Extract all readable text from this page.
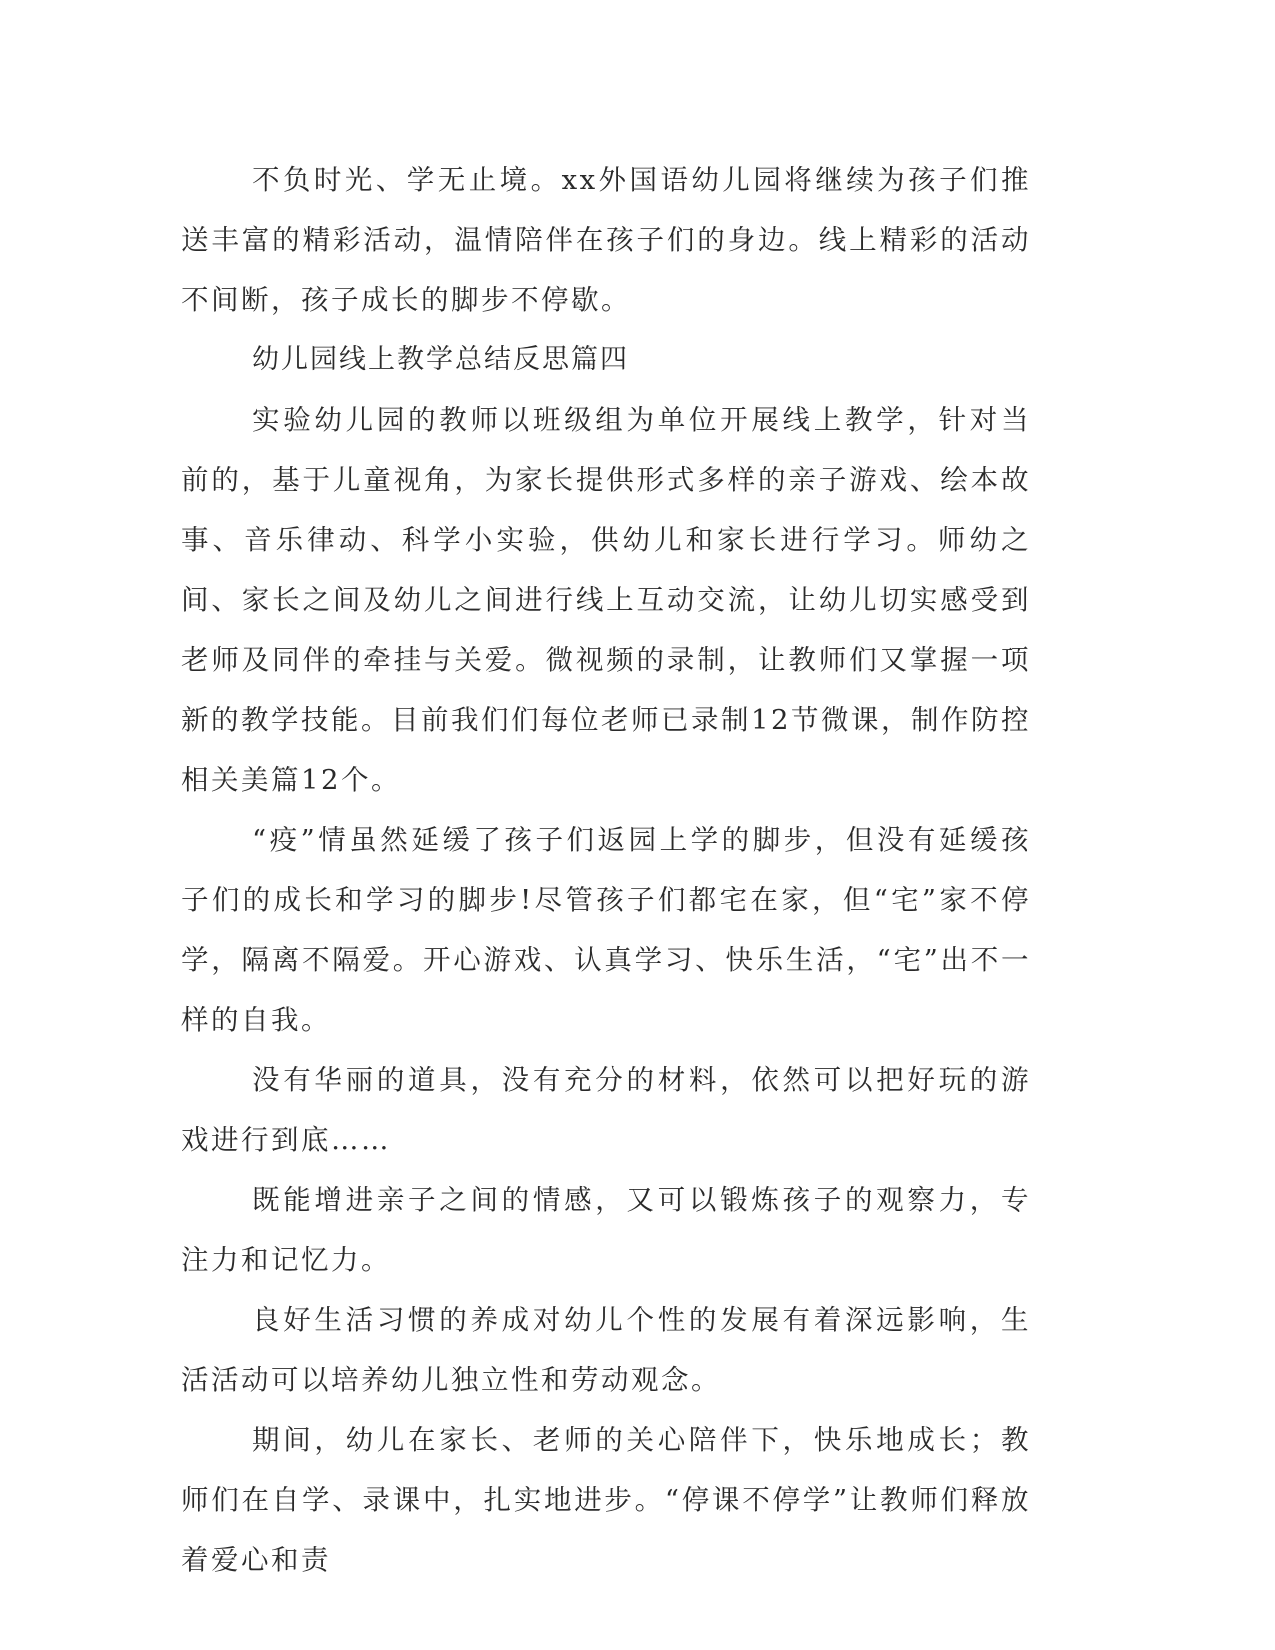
不负时光、学无止境。xx外国语幼儿园将继续为孩子们推送丰富的精彩活动，温情陪伴在孩子们的身边。线上精彩的活动不间断，孩子成长的脚步不停歇。

幼儿园线上教学总结反思篇四

实验幼儿园的教师以班级组为单位开展线上教学，针对当前的，基于儿童视角，为家长提供形式多样的亲子游戏、绘本故事、音乐律动、科学小实验，供幼儿和家长进行学习。师幼之间、家长之间及幼儿之间进行线上互动交流，让幼儿切实感受到老师及同伴的牵挂与关爱。微视频的录制，让教师们又掌握一项新的教学技能。目前我们们每位老师已录制12节微课，制作防控相关美篇12个。

“疫”情虽然延缓了孩子们返园上学的脚步，但没有延缓孩子们的成长和学习的脚步!尽管孩子们都宅在家，但“宅”家不停学，隔离不隔爱。开心游戏、认真学习、快乐生活，“宅”出不一样的自我。

没有华丽的道具，没有充分的材料，依然可以把好玩的游戏进行到底……

既能增进亲子之间的情感，又可以锻炼孩子的观察力，专注力和记忆力。

良好生活习惯的养成对幼儿个性的发展有着深远影响，生活活动可以培养幼儿独立性和劳动观念。

期间，幼儿在家长、老师的关心陪伴下，快乐地成长；教师们在自学、录课中，扎实地进步。“停课不停学”让教师们释放着爱心和责
